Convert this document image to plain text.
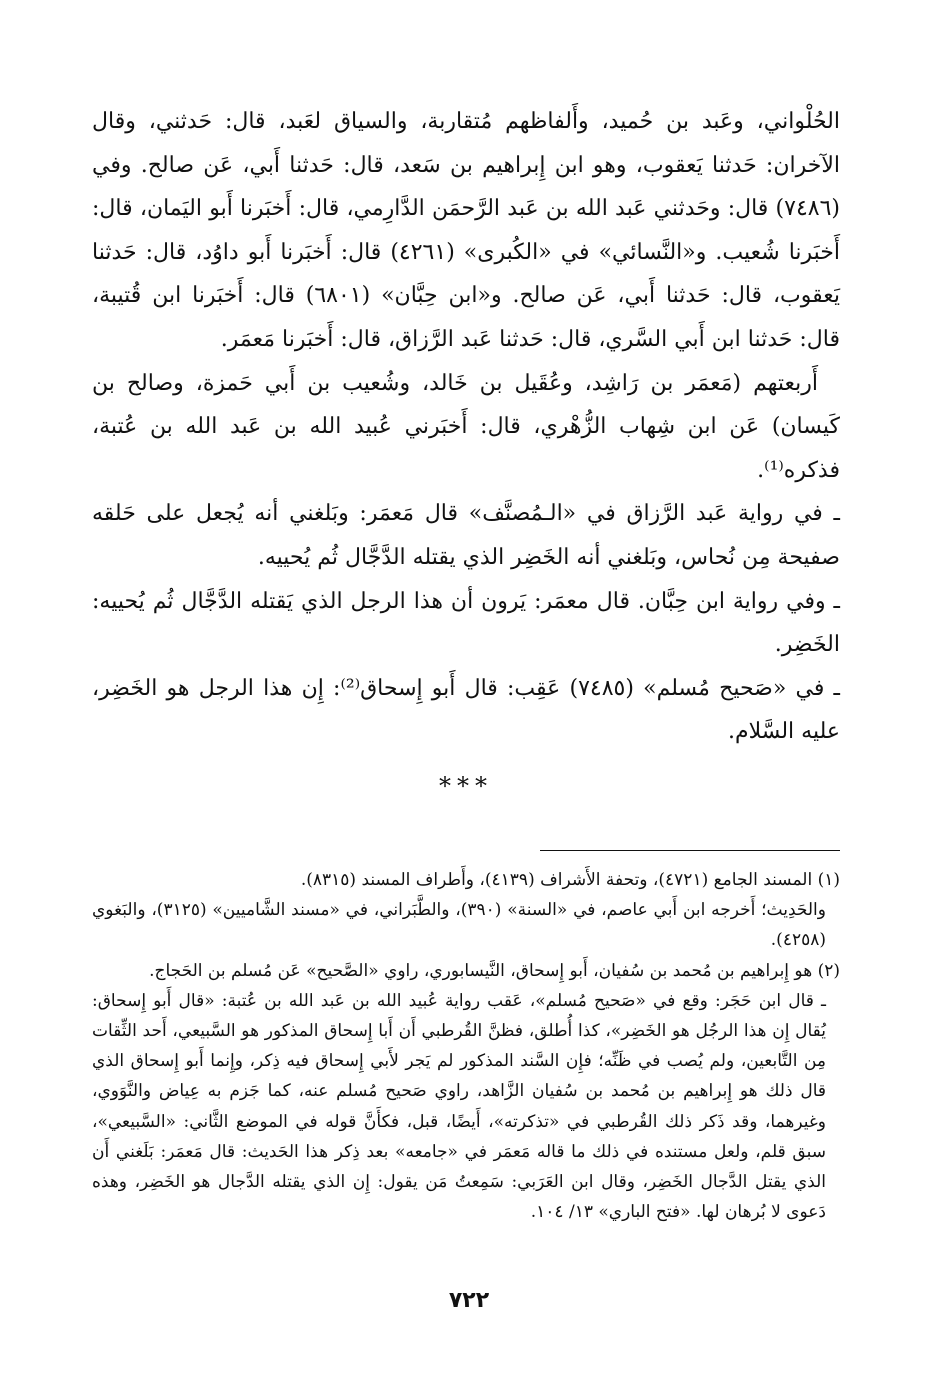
الحُلْواني، وعَبد بن حُميد، وأَلفاظهم مُتقاربة، والسياق لعَبد، قال: حَدثني، وقال الآخران: حَدثنا يَعقوب، وهو ابن إِبراهيم بن سَعد، قال: حَدثنا أَبي، عَن صالح. وفي (٧٤٨٦) قال: وحَدثني عَبد الله بن عَبد الرَّحمَن الدَّارِمي، قال: أَخبَرنا أَبو اليَمان، قال: أَخبَرنا شُعيب. و«النَّسائي» في «الكُبرى» (٤٢٦١) قال: أَخبَرنا أَبو داوُد، قال: حَدثنا يَعقوب، قال: حَدثنا أَبي، عَن صالح. و«ابن حِبَّان» (٦٨٠١) قال: أَخبَرنا ابن قُتيبة، قال: حَدثنا ابن أَبي السَّري، قال: حَدثنا عَبد الرَّزاق، قال: أَخبَرنا مَعمَر.

أَربعتهم (مَعمَر بن رَاشِد، وعُقَيل بن خَالد، وشُعيب بن أَبي حَمزة، وصالح بن كَيسان) عَن ابن شِهاب الزُّهْري، قال: أَخبَرني عُبيد الله بن عَبد الله بن عُتبة، فذكره⁽¹⁾.

ـ في رواية عَبد الرَّزاق في «الـمُصنَّف» قال مَعمَر: وبَلغني أنه يُجعل على حَلقه صفيحة مِن نُحاس، وبَلغني أنه الخَضِر الذي يقتله الدَّجَّال ثُم يُحييه.

ـ وفي رواية ابن حِبَّان. قال معمَر: يَرون أن هذا الرجل الذي يَقتله الدَّجَّال ثُم يُحييه: الخَضِر.

ـ في «صَحيح مُسلم» (٧٤٨٥) عَقِب: قال أَبو إِسحاق⁽²⁾: إِن هذا الرجل هو الخَضِر، عليه السَّلام.

***

(١) المسند الجامع (٤٧٢١)، وتحفة الأَشراف (٤١٣٩)، وأَطراف المسند (٨٣١٥).

والحَدِيث؛ أَخرجه ابن أَبي عاصم، في «السنة» (٣٩٠)، والطَّبَراني، في «مسند الشَّاميين» (٣١٢٥)، والبَغوي (٤٢٥٨).

(٢) هو إِبراهيم بن مُحمد بن سُفيان، أَبو إِسحاق، النَّيسابوري، راوي «الصَّحيح» عَن مُسلم بن الحَجاج.

ـ قال ابن حَجَر: وقع في «صَحيح مُسلم»، عَقب رواية عُبيد الله بن عَبد الله بن عُتبة: «قال أَبو إِسحاق: يُقال إِن هذا الرجُل هو الخَضِر»، كذا أُطلق، فظنَّ القُرطبي أَن أَبا إِسحاق المذكور هو السَّبيعي، أَحد الثِّقات مِن التَّابعين، ولم يُصب في ظَنِّه؛ فإِن السَّند المذكور لم يَجر لأَبي إِسحاق فيه ذِكر، وإِنما أَبو إِسحاق الذي قال ذلك هو إِبراهيم بن مُحمد بن سُفيان الزَّاهد، راوي صَحيح مُسلم عنه، كما جَزم به عِياض والنَّوَوي، وغيرهما، وقد ذَكر ذلك القُرطبي في «تذكرته»، أَيضًا، قبل، فكأَنَّ قوله في الموضع الثَّاني: «السَّبيعي»، سبق قلم، ولعل مستنده في ذلك ما قاله مَعمَر في «جامعه» بعد ذِكر هذا الحَديث: قال مَعمَر: بَلَغني أَن الذي يقتل الدَّجال الخَضِر، وقال ابن العَرَبي: سَمِعتُ مَن يقول: إِن الذي يقتله الدَّجال هو الخَضِر، وهذه دَعوى لا بُرهان لها. «فتح الباري» ١٣/ ١٠٤.

٧٢٢
